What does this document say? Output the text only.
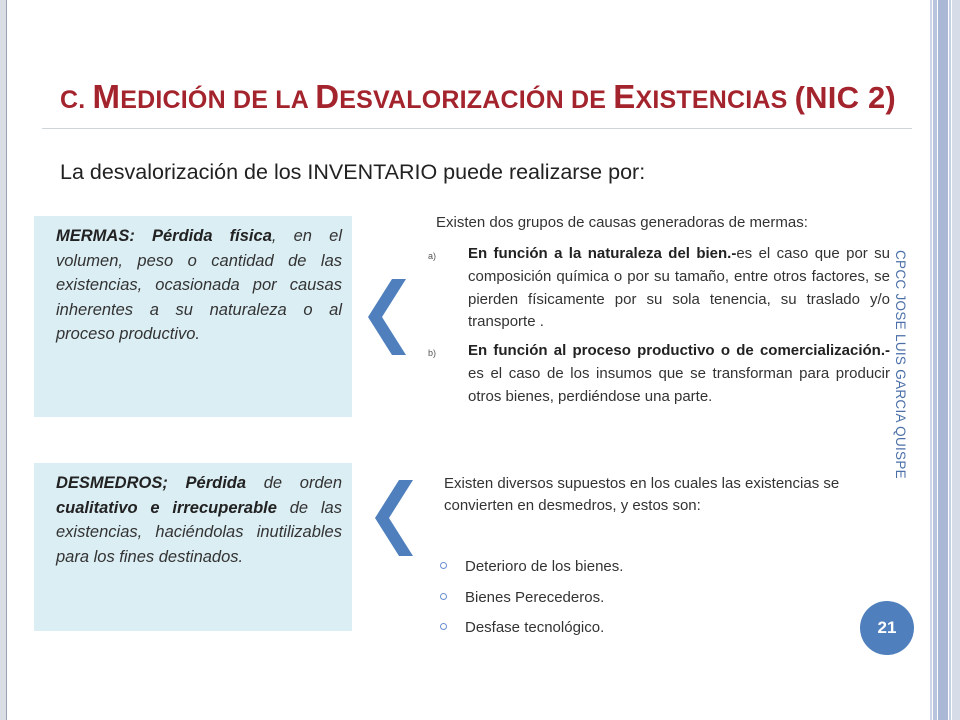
C. MEDICIÓN DE LA DESVALORIZACIÓN DE EXISTENCIAS (NIC 2)
La desvalorización de los INVENTARIO puede realizarse por:
MERMAS: Pérdida física, en el volumen, peso o cantidad de las existencias, ocasionada por causas inherentes a su naturaleza o al proceso productivo.
DESMEDROS; Pérdida de orden cualitativo e irrecuperable de las existencias, haciéndolas inutilizables para los fines destinados.
Existen dos grupos de causas generadoras de mermas:
a) En función a la naturaleza del bien.-es el caso que por su composición química o por su tamaño, entre otros factores, se pierden físicamente por su sola tenencia, su traslado y/o transporte .
b) En función al proceso productivo o de comercialización.-es el caso de los insumos que se transforman para producir otros bienes, perdiéndose una parte.
Existen diversos supuestos en los cuales las existencias se convierten en desmedros, y estos son:
Deterioro de los bienes.
Bienes Perecederos.
Desfase tecnológico.
CPCC JOSE LUIS GARCIA QUISPE
21
